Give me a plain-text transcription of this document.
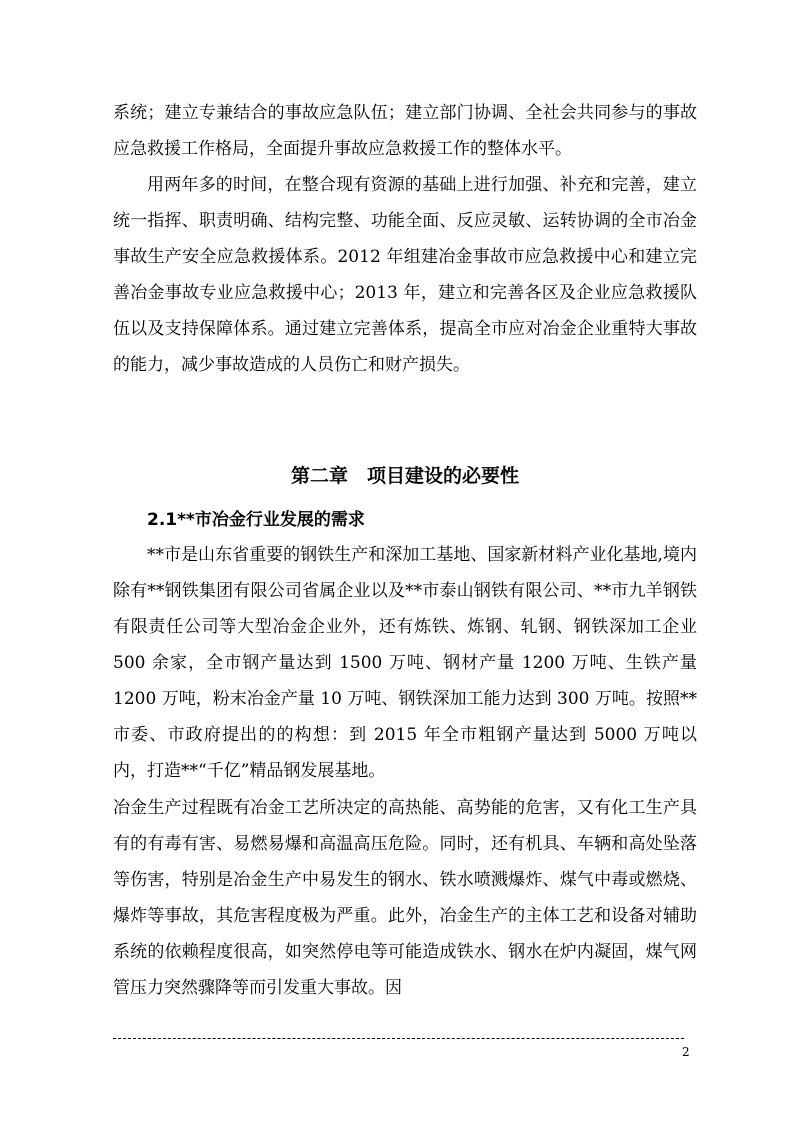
系统；建立专兼结合的事故应急队伍；建立部门协调、全社会共同参与的事故应急救援工作格局，全面提升事故应急救援工作的整体水平。

用两年多的时间，在整合现有资源的基础上进行加强、补充和完善，建立统一指挥、职责明确、结构完整、功能全面、反应灵敏、运转协调的全市冶金事故生产安全应急救援体系。2012 年组建冶金事故市应急救援中心和建立完善冶金事故专业应急救援中心；2013 年，建立和完善各区及企业应急救援队伍以及支持保障体系。通过建立完善体系，提高全市应对冶金企业重特大事故的能力，减少事故造成的人员伤亡和财产损失。

第二章　项目建设的必要性
2.1**市冶金行业发展的需求

**市是山东省重要的钢铁生产和深加工基地、国家新材料产业化基地,境内除有**钢铁集团有限公司省属企业以及**市泰山钢铁有限公司、**市九羊钢铁有限责任公司等大型冶金企业外，还有炼铁、炼钢、轧钢、钢铁深加工企业 500 余家，全市钢产量达到 1500 万吨、钢材产量 1200 万吨、生铁产量 1200 万吨，粉末冶金产量 10 万吨、钢铁深加工能力达到 300 万吨。按照**市委、市政府提出的的构想：到 2015 年全市粗钢产量达到 5000 万吨以内，打造**“千亿”精品钢发展基地。

冶金生产过程既有冶金工艺所决定的高热能、高势能的危害，又有化工生产具有的有毒有害、易燃易爆和高温高压危险。同时，还有机具、车辆和高处坠落等伤害，特别是冶金生产中易发生的钢水、铁水喷溅爆炸、煤气中毒或燃烧、爆炸等事故，其危害程度极为严重。此外，冶金生产的主体工艺和设备对辅助系统的依赖程度很高，如突然停电等可能造成铁水、钢水在炉内凝固，煤气网管压力突然骤降等而引发重大事故。因

2
